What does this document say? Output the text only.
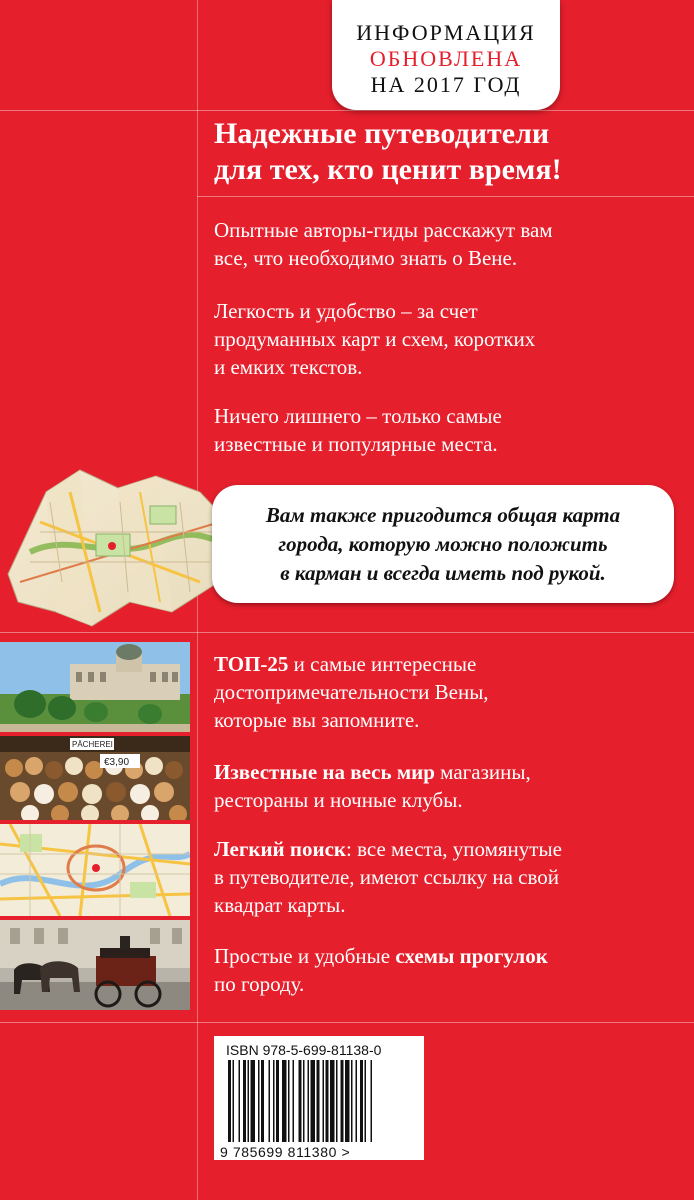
ИНФОРМАЦИЯ
ОБНОВЛЕНА
НА 2017 ГОД
Надежные путеводители
для тех, кто ценит время!
Опытные авторы-гиды расскажут вам
все, что необходимо знать о Вене.
Легкость и удобство – за счет
продуманных карт и схем, коротких
и емких текстов.
Ничего лишнего – только самые
известные и популярные места.
Вам также пригодится общая карта
города, которую можно положить
в карман и всегда иметь под рукой.
PÄCHEREI
€3,90
ТОП-25 и самые интересные
достопримечательности Вены,
которые вы запомните.
Известные на весь мир магазины,
рестораны и ночные клубы.
Легкий поиск: все места, упомянутые
в путеводителе, имеют ссылку на свой
квадрат карты.
Простые и удобные схемы прогулок
по городу.
ISBN 978-5-699-81138-0
9 785699 811380 >
